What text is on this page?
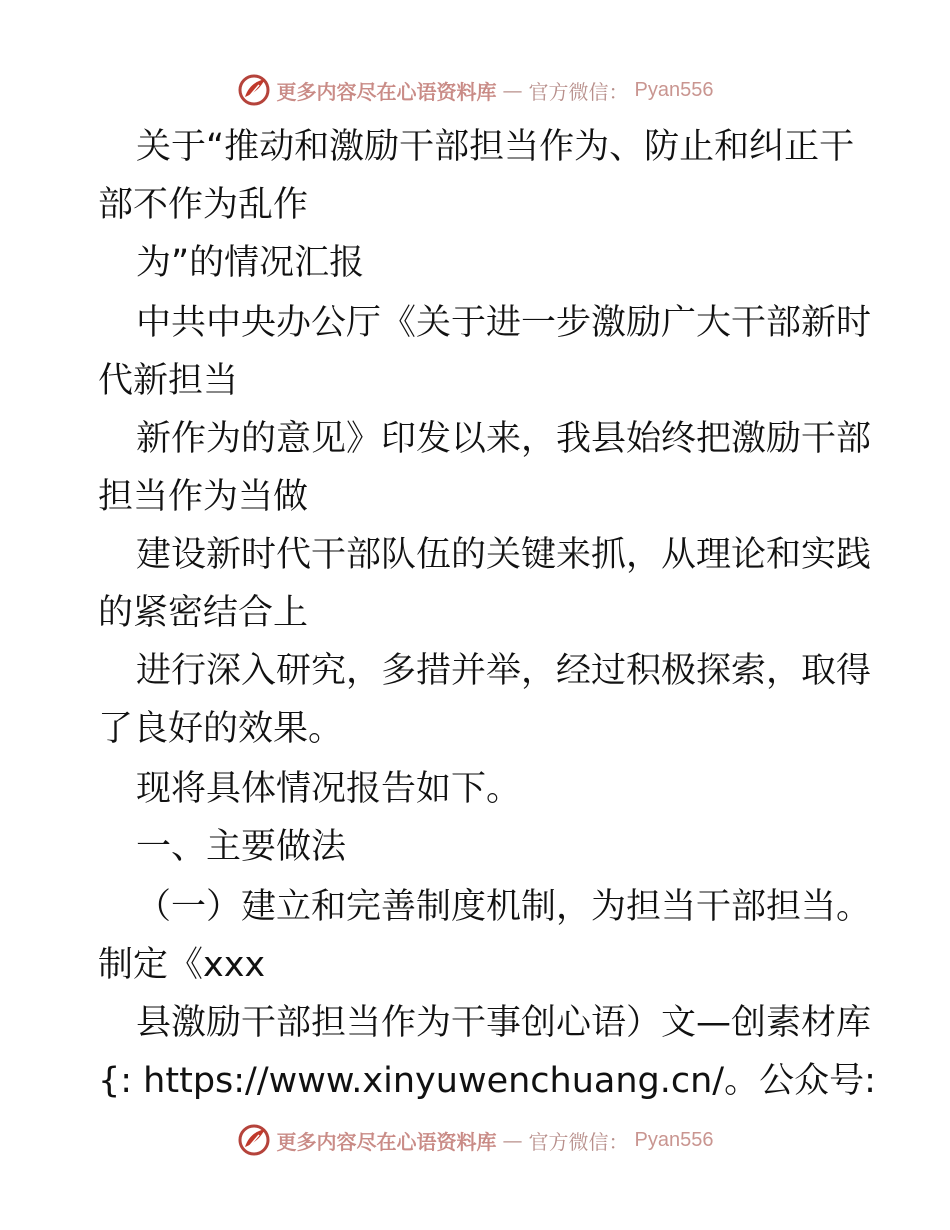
更多内容尽在心语资料库 — 官方微信： Pyan556
关于“推动和激励干部担当作为、防止和纠正干
部不作为乱作
为”的情况汇报
中共中央办公厅《关于进一步激励广大干部新时
代新担当
新作为的意见》印发以来，我县始终把激励干部
担当作为当做
建设新时代干部队伍的关键来抓，从理论和实践
的紧密结合上
进行深入研究，多措并举，经过积极探索，取得
了良好的效果。
现将具体情况报告如下。
一、主要做法
（一）建立和完善制度机制，为担当干部担当。
制定《xxx
县激励干部担当作为干事创心语）文—创素材库
{: https://www.xinyuwenchuang.cn/。公众号:
更多内容尽在心语资料库 — 官方微信： Pyan556
